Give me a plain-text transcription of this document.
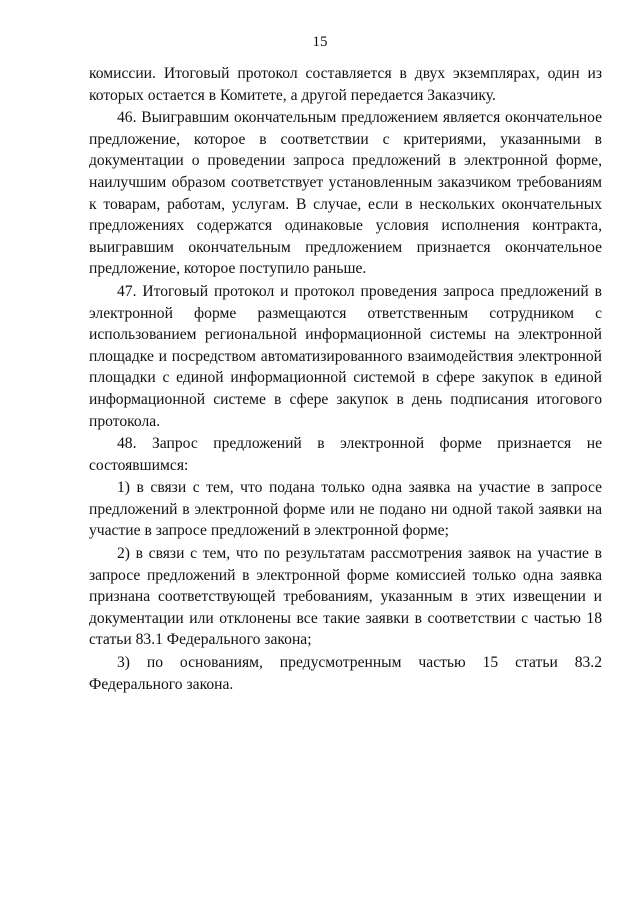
15

комиссии. Итоговый протокол составляется в двух экземплярах, один из которых остается в Комитете, а другой передается Заказчику.

46. Выигравшим окончательным предложением является окончательное предложение, которое в соответствии с критериями, указанными в документации о проведении запроса предложений в электронной форме, наилучшим образом соответствует установленным заказчиком требованиям к товарам, работам, услугам. В случае, если в нескольких окончательных предложениях содержатся одинаковые условия исполнения контракта, выигравшим окончательным предложением признается окончательное предложение, которое поступило раньше.

47. Итоговый протокол и протокол проведения запроса предложений в электронной форме размещаются ответственным сотрудником с использованием региональной информационной системы на электронной площадке и посредством автоматизированного взаимодействия электронной площадки с единой информационной системой в сфере закупок в единой информационной системе в сфере закупок в день подписания итогового протокола.

48. Запрос предложений в электронной форме признается не состоявшимся:

1) в связи с тем, что подана только одна заявка на участие в запросе предложений в электронной форме или не подано ни одной такой заявки на участие в запросе предложений в электронной форме;

2) в связи с тем, что по результатам рассмотрения заявок на участие в запросе предложений в электронной форме комиссией только одна заявка признана соответствующей требованиям, указанным в этих извещении и документации или отклонены все такие заявки в соответствии с частью 18 статьи 83.1 Федерального закона;

3) по основаниям, предусмотренным частью 15 статьи 83.2 Федерального закона.
